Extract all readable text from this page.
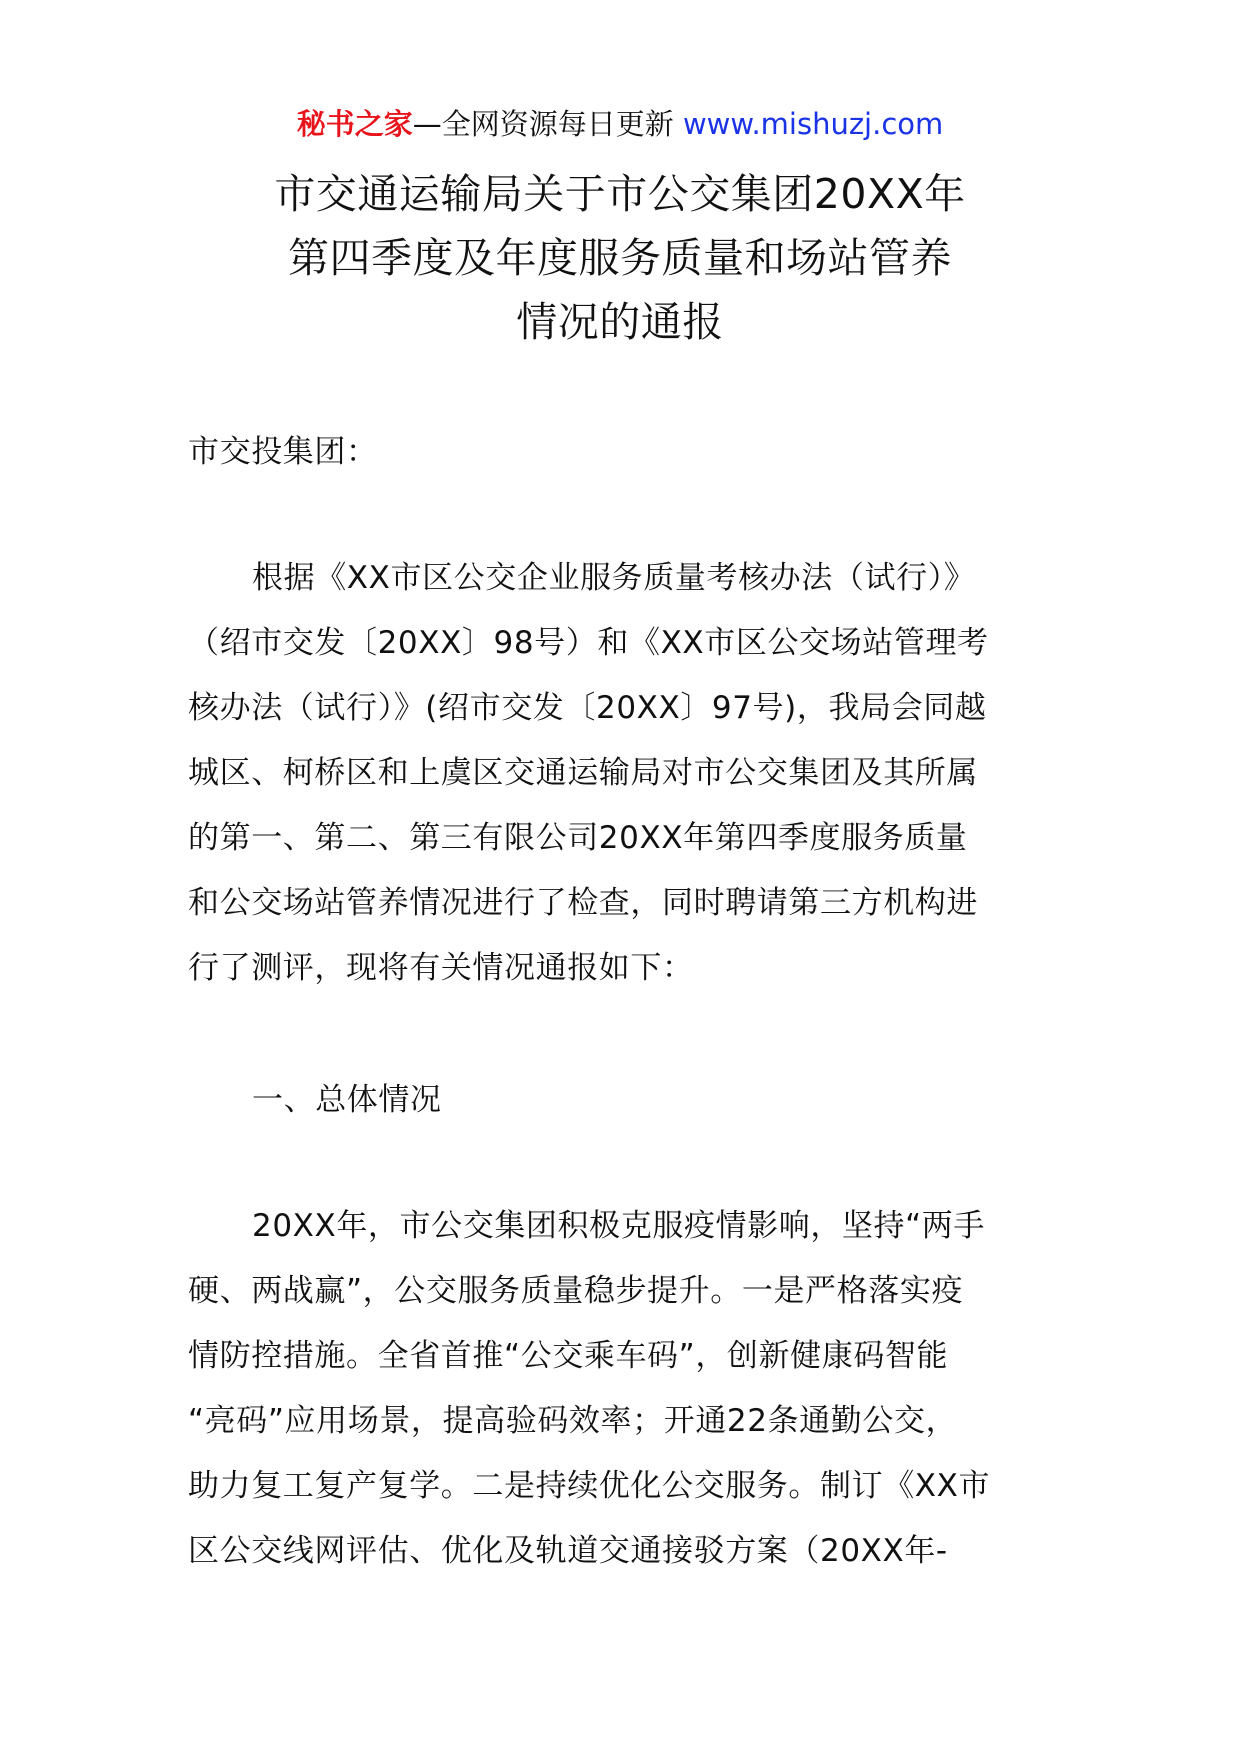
秘书之家—全网资源每日更新 www.mishuzj.com
市交通运输局关于市公交集团20XX年
第四季度及年度服务质量和场站管养
情况的通报
市交投集团：
根据《XX市区公交企业服务质量考核办法（试行）》
（绍市交发〔20XX〕98号）和《XX市区公交场站管理考
核办法（试行）》(绍市交发〔20XX〕97号)，我局会同越
城区、柯桥区和上虞区交通运输局对市公交集团及其所属
的第一、第二、第三有限公司20XX年第四季度服务质量
和公交场站管养情况进行了检查，同时聘请第三方机构进
行了测评，现将有关情况通报如下：
一、总体情况
20XX年，市公交集团积极克服疫情影响，坚持“两手
硬、两战赢”，公交服务质量稳步提升。一是严格落实疫
情防控措施。全省首推“公交乘车码”，创新健康码智能
“亮码”应用场景，提高验码效率；开通22条通勤公交，
助力复工复产复学。二是持续优化公交服务。制订《XX市
区公交线网评估、优化及轨道交通接驳方案（20XX年-
